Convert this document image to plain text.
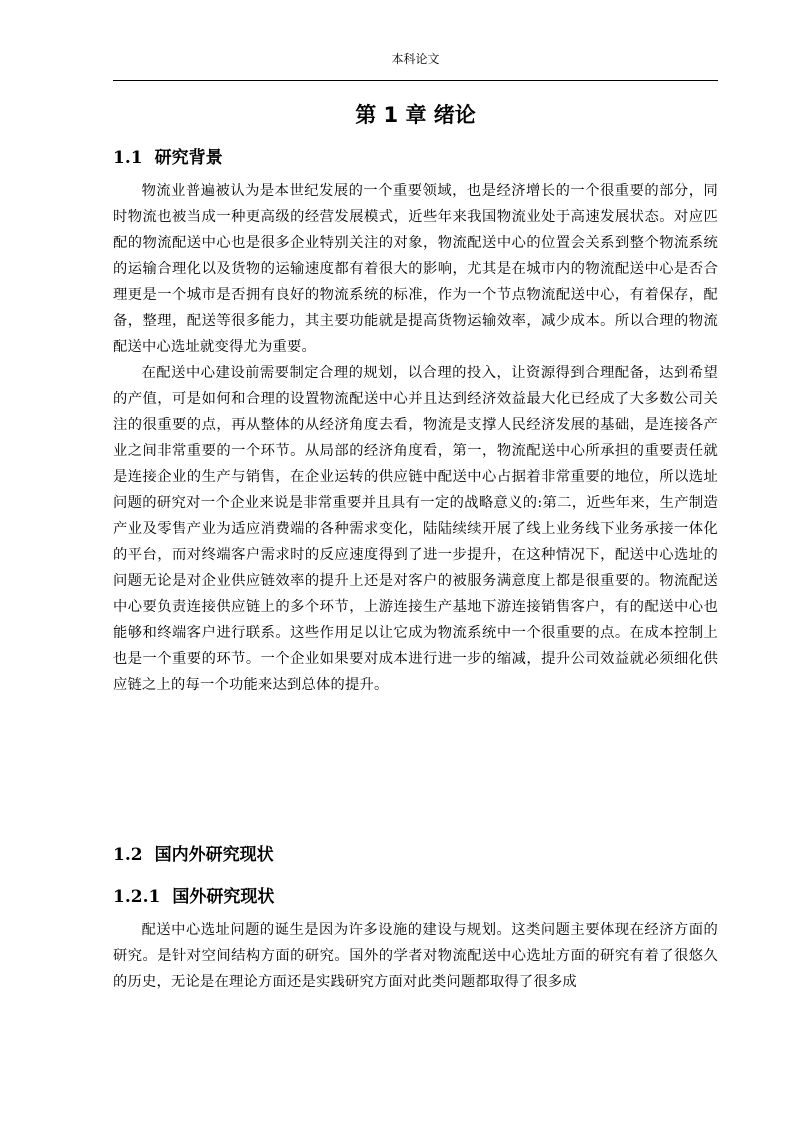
本科论文
第 1 章 绪论
1.1 研究背景

物流业普遍被认为是本世纪发展的一个重要领域，也是经济增长的一个很重要的部分，同时物流也被当成一种更高级的经营发展模式，近些年来我国物流业处于高速发展状态。对应匹配的物流配送中心也是很多企业特别关注的对象，物流配送中心的位置会关系到整个物流系统的运输合理化以及货物的运输速度都有着很大的影响，尤其是在城市内的物流配送中心是否合理更是一个城市是否拥有良好的物流系统的标准，作为一个节点物流配送中心，有着保存，配备，整理，配送等很多能力，其主要功能就是提高货物运输效率，减少成本。所以合理的物流配送中心选址就变得尤为重要。

在配送中心建设前需要制定合理的规划，以合理的投入，让资源得到合理配备，达到希望的产值，可是如何和合理的设置物流配送中心并且达到经济效益最大化已经成了大多数公司关注的很重要的点，再从整体的从经济角度去看，物流是支撑人民经济发展的基础，是连接各产业之间非常重要的一个环节。从局部的经济角度看，第一，物流配送中心所承担的重要责任就是连接企业的生产与销售，在企业运转的供应链中配送中心占据着非常重要的地位，所以选址问题的研究对一个企业来说是非常重要并且具有一定的战略意义的:第二，近些年来，生产制造产业及零售产业为适应消费端的各种需求变化，陆陆续续开展了线上业务线下业务承接一体化的平台，而对终端客户需求时的反应速度得到了进一步提升，在这种情况下，配送中心选址的问题无论是对企业供应链效率的提升上还是对客户的被服务满意度上都是很重要的。物流配送中心要负责连接供应链上的多个环节，上游连接生产基地下游连接销售客户，有的配送中心也能够和终端客户进行联系。这些作用足以让它成为物流系统中一个很重要的点。在成本控制上也是一个重要的环节。一个企业如果要对成本进行进一步的缩减，提升公司效益就必须细化供应链之上的每一个功能来达到总体的提升。

1.2 国内外研究现状
1.2.1 国外研究现状

配送中心选址问题的诞生是因为许多设施的建设与规划。这类问题主要体现在经济方面的研究。是针对空间结构方面的研究。国外的学者对物流配送中心选址方面的研究有着了很悠久的历史，无论是在理论方面还是实践研究方面对此类问题都取得了很多成
